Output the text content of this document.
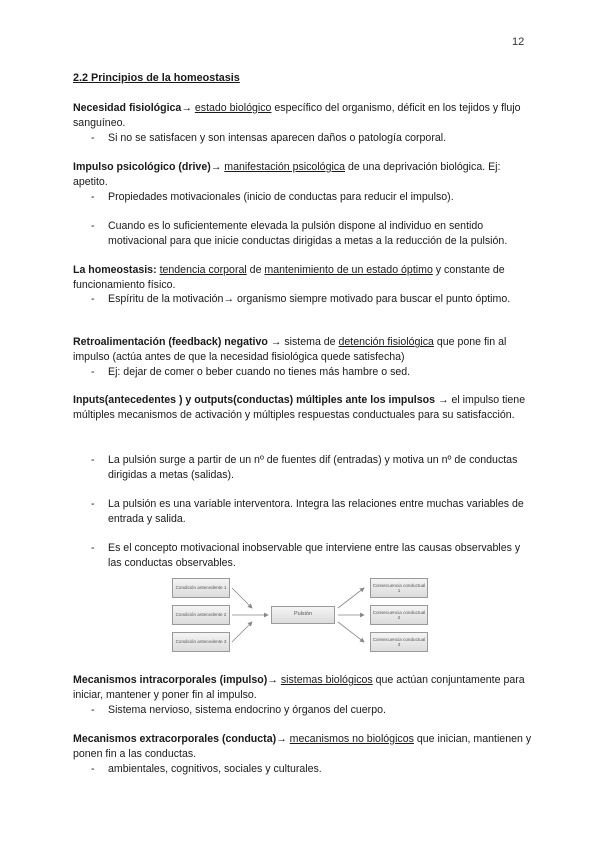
12
2.2 Principios de la homeostasis
Necesidad fisiológica→ estado biológico específico del organismo, déficit en los tejidos y flujo sanguíneo.
- Si no se satisfacen y son intensas aparecen daños o patología corporal.
Impulso psicológico (drive)→ manifestación psicológica de una deprivación biológica. Ej: apetito.
- Propiedades motivacionales (inicio de conductas para reducir el impulso).
- Cuando es lo suficientemente elevada la pulsión dispone al individuo en sentido motivacional para que inicie conductas dirigidas a metas a la reducción de la pulsión.
La homeostasis: tendencia corporal de mantenimiento de un estado óptimo y constante de funcionamiento físico.
- Espíritu de la motivación→ organismo siempre motivado para buscar el punto óptimo.
Retroalimentación (feedback) negativo → sistema de detención fisiológica que pone fin al impulso (actúa antes de que la necesidad fisiológica quede satisfecha)
- Ej: dejar de comer o beber cuando no tienes más hambre o sed.
Inputs(antecedentes ) y outputs(conductas) múltiples ante los impulsos → el impulso tiene múltiples mecanismos de activación y múltiples respuestas conductuales para su satisfacción.
- La pulsión surge a partir de un nº de fuentes dif (entradas) y motiva un nº de conductas dirigidas a metas (salidas).
- La pulsión es una variable interventora. Integra las relaciones entre muchas variables de entrada y salida.
- Es el concepto motivacional inobservable que interviene entre las causas observables y las conductas observables.
Condición antecedente 1
Condición antecedente 2
Condición antecedente 3
Pulsión
Consecuencia conductual 1
Consecuencia conductual 2
Consecuencia conductual 3
Mecanismos intracorporales (impulso)→ sistemas biológicos que actúan conjuntamente para iniciar, mantener y poner fin al impulso.
- Sistema nervioso, sistema endocrino y órganos del cuerpo.
Mecanismos extracorporales (conducta)→ mecanismos no biológicos que inician, mantienen y ponen fin a las conductas.
- ambientales, cognitivos, sociales y culturales.
